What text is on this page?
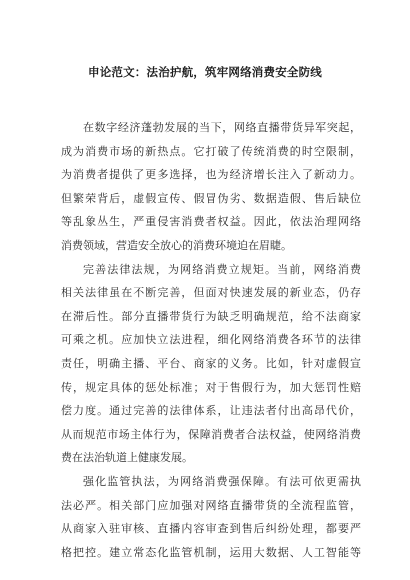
申论范文：法治护航，筑牢网络消费安全防线
在数字经济蓬勃发展的当下，网络直播带货异军突起，
成为消费市场的新热点。它打破了传统消费的时空限制，
为消费者提供了更多选择，也为经济增长注入了新动力。
但繁荣背后，虚假宣传、假冒伪劣、数据造假、售后缺位
等乱象丛生，严重侵害消费者权益。因此，依法治理网络
消费领域，营造安全放心的消费环境迫在眉睫。
完善法律法规，为网络消费立规矩。当前，网络消费
相关法律虽在不断完善，但面对快速发展的新业态，仍存
在滞后性。部分直播带货行为缺乏明确规范，给不法商家
可乘之机。应加快立法进程，细化网络消费各环节的法律
责任，明确主播、平台、商家的义务。比如，针对虚假宣
传，规定具体的惩处标准；对于售假行为，加大惩罚性赔
偿力度。通过完善的法律体系，让违法者付出高昂代价，
从而规范市场主体行为，保障消费者合法权益，使网络消费
费在法治轨道上健康发展。
强化监管执法，为网络消费强保障。有法可依更需执
法必严。相关部门应加强对网络直播带货的全流程监管，
从商家入驻审核、直播内容审查到售后纠纷处理，都要严
格把控。建立常态化监管机制，运用大数据、人工智能等
